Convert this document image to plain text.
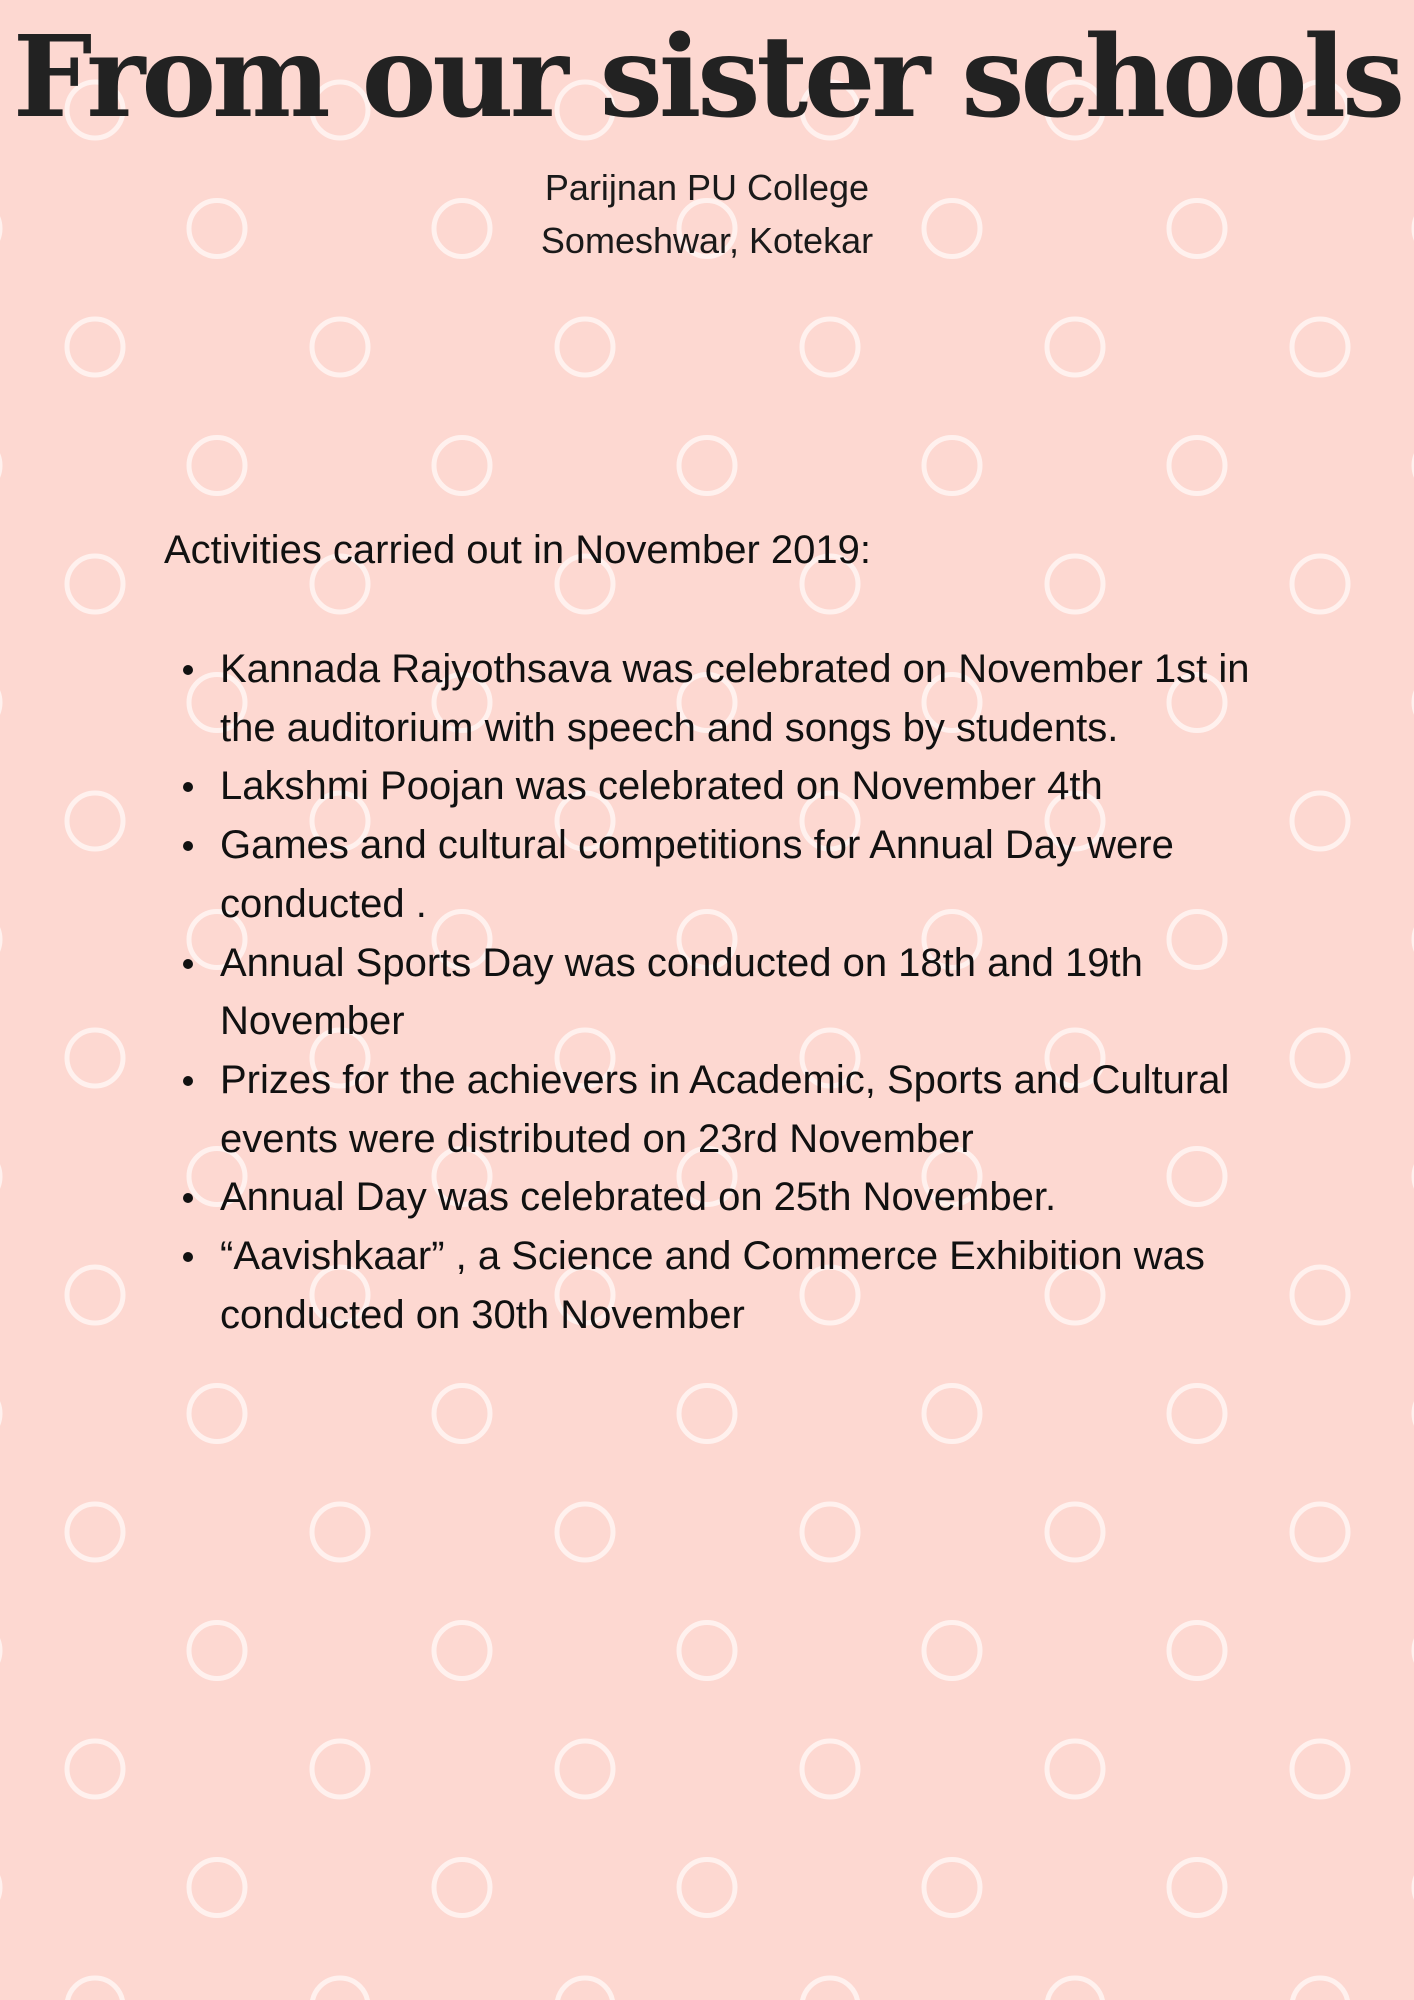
From our sister schools

Parijnan PU College

Someshwar, Kotekar

Activities carried out in November 2019:

Kannada Rajyothsava was celebrated on November 1st in the auditorium with speech and songs by students.
Lakshmi Poojan was celebrated on November 4th
Games and cultural competitions for Annual Day were conducted .
Annual Sports Day was conducted on 18th and 19th November
Prizes for the achievers in Academic, Sports and Cultural events were distributed on 23rd November
Annual Day was celebrated on 25th November.
“Aavishkaar” , a Science and Commerce Exhibition was conducted on 30th November
